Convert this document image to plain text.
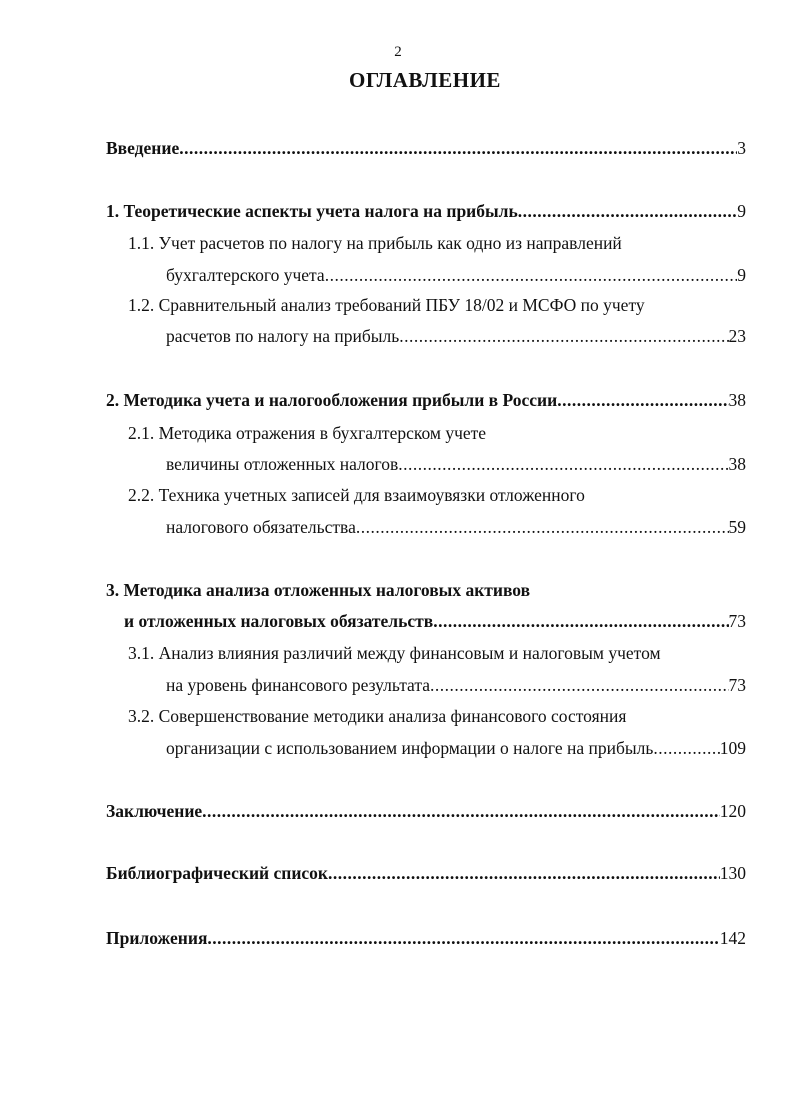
2
ОГЛАВЛЕНИЕ
Введение .....	3
1. Теоретические аспекты учета налога на прибыль .....	9
1.1. Учет расчетов по налогу на прибыль как одно из направлений
бухгалтерского учета .....	9
1.2. Сравнительный анализ требований ПБУ 18/02 и МСФО по учету
расчетов по налогу на прибыль .....	23
2. Методика учета и налогообложения прибыли в России .....	38
2.1. Методика отражения в бухгалтерском учете
величины отложенных налогов .....	38
2.2. Техника учетных записей для взаимоувязки отложенного
налогового обязательства .....	59
3. Методика анализа отложенных налоговых активов
и отложенных налоговых обязательств .....	73
3.1. Анализ влияния различий между финансовым и налоговым учетом
на уровень финансового результата .....	73
3.2. Совершенствование методики анализа финансового состояния
организации с использованием информации о налоге на прибыль .....	109
Заключение .....	120
Библиографический список .....	130
Приложения .....	142
